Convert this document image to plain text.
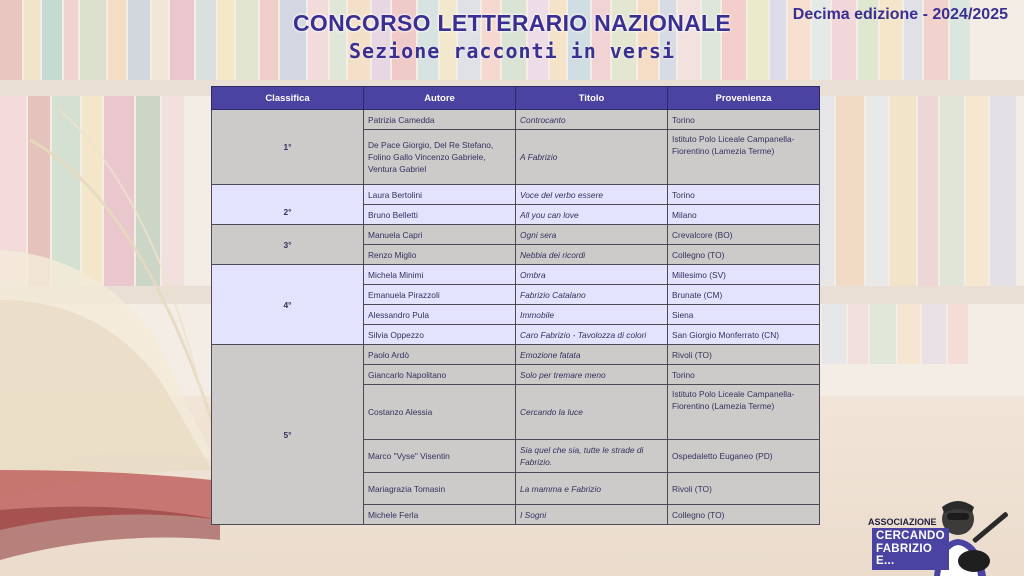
CONCORSO LETTERARIO NAZIONALE
Sezione racconti in versi
Decima edizione - 2024/2025
Classifica	Autore	Titolo	Provenienza
1°	Patrizia Camedda	Controcanto	Torino
	De Pace Giorgio, Del Re Stefano, Folino Gallo Vincenzo Gabriele, Ventura Gabriel	A Fabrizio	Istituto Polo Liceale Campanella-Fiorentino (Lamezia Terme)
2°	Laura Bertolini	Voce del verbo essere	Torino
	Bruno Belletti	All you can love	Milano
3°	Manuela Capri	Ogni sera	Crevalcore (BO)
	Renzo Miglio	Nebbia dei ricordi	Collegno (TO)
4°	Michela Minimi	Ombra	Millesimo (SV)
	Emanuela Pirazzoli	Fabrizio Catalano	Brunate (CM)
	Alessandro Pula	Immobile	Siena
	Silvia Oppezzo	Caro Fabrizio - Tavolozza di colori	San Giorgio Monferrato (CN)
5°	Paolo Ardò	Emozione fatata	Rivoli (TO)
	Giancarlo Napolitano	Solo per tremare meno	Torino
	Costanzo Alessia	Cercando la luce	Istituto Polo Liceale Campanella-Fiorentino (Lamezia Terme)
	Marco "Vyse" Visentin	Sia quel che sia, tutte le strade di Fabrizio.	Ospedaletto Euganeo (PD)
	Mariagrazia Tomasin	La mamma e Fabrizio	Rivoli (TO)
	Michele Ferla	I Sogni	Collegno (TO)
ASSOCIAZIONE
CERCANDO
FABRIZIO
E...
